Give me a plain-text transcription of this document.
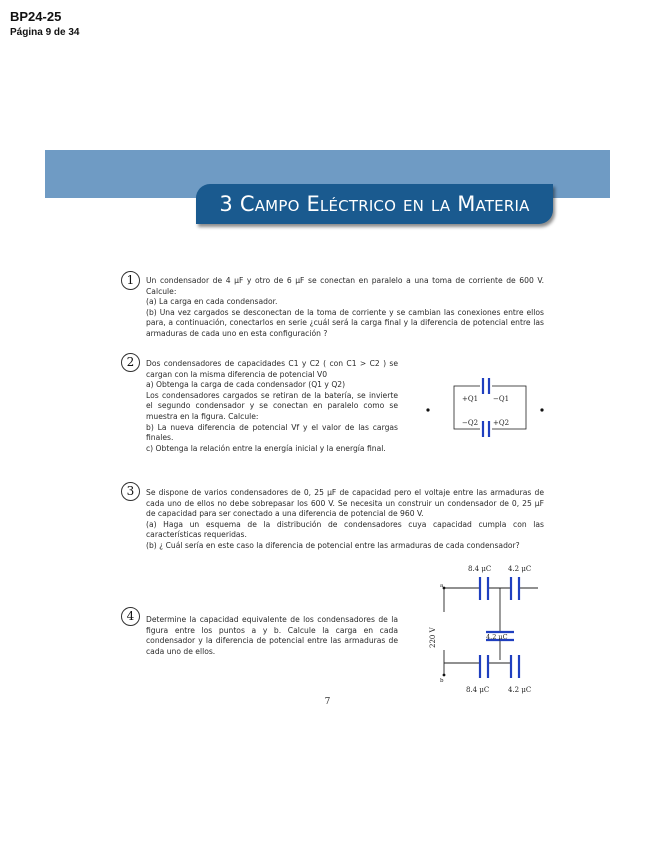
BP24-25
Página 9 de 34
3 Campo Eléctrico en la Materia
1	Un condensador de 4 μF y otro de 6 μF se conectan en paralelo a una toma de corriente de 600 V. Calcule:
(a) La carga en cada condensador.
(b) Una vez cargados se desconectan de la toma de corriente y se cambian las conexiones entre ellos para, a continuación, conectarlos en serie ¿cuál será la carga final y la diferencia de potencial entre las armaduras de cada uno en esta configuración ?
2	Dos condensadores de capacidades C1 y C2 ( con C1 > C2 ) se cargan con la misma diferencia de potencial V0
a) Obtenga la carga de cada condensador (Q1 y Q2)
Los condensadores cargados se retiran de la batería, se invierte el segundo condensador y se conectan en paralelo como se muestra en la figura. Calcule:
b) La nueva diferencia de potencial Vf y el valor de las cargas finales.
c) Obtenga la relación entre la energía inicial y la energía final.
+Q1 −Q1
−Q2 +Q2
3	Se dispone de varios condensadores de 0, 25 μF de capacidad pero el voltaje entre las armaduras de cada uno de ellos no debe sobrepasar los 600 V. Se necesita un construir un condensador de 0, 25 μF de capacidad para ser conectado a una diferencia de potencial de 960 V.
(a) Haga un esquema de la distribución de condensadores cuya capacidad cumpla con las características requeridas.
(b) ¿ Cuál sería en este caso la diferencia de potencial entre las armaduras de cada condensador?
4	Determine la capacidad equivalente de los condensadores de la figura entre los puntos a y b. Calcule la carga en cada condensador y la diferencia de potencial entre las armaduras de cada uno de ellos.
8.4 μC 4.2 μC
4.2 μC
8.4 μC	4.2 μC
a
b
220 V
7
